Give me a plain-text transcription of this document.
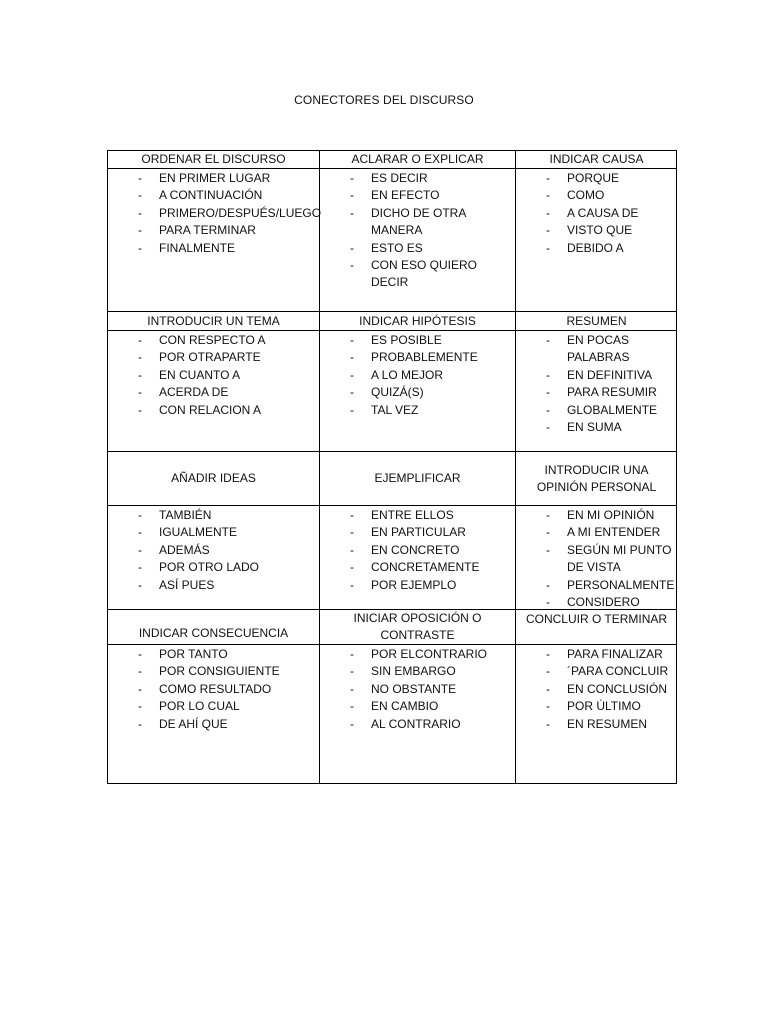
CONECTORES DEL DISCURSO
ORDENAR EL DISCURSO
- EN PRIMER LUGAR
- A CONTINUACIÓN
- PRIMERO/DESPUÉS/LUEGO
- PARA TERMINAR
- FINALMENTE
ACLARAR O EXPLICAR
- ES DECIR
- EN EFECTO
- DICHO DE OTRA MANERA
- ESTO ES
- CON ESO QUIERO DECIR
INDICAR CAUSA
- PORQUE
- COMO
- A CAUSA DE
- VISTO QUE
- DEBIDO A
INTRODUCIR UN TEMA
- CON RESPECTO A
- POR OTRAPARTE
- EN CUANTO A
- ACERDA DE
- CON RELACION A
INDICAR HIPÓTESIS
- ES POSIBLE
- PROBABLEMENTE
- A LO MEJOR
- QUIZÁ(S)
- TAL VEZ
RESUMEN
- EN POCAS PALABRAS
- EN DEFINITIVA
- PARA RESUMIR
- GLOBALMENTE
- EN SUMA
AÑADIR IDEAS
- TAMBIÉN
- IGUALMENTE
- ADEMÁS
- POR OTRO LADO
- ASÍ PUES
EJEMPLIFICAR
- ENTRE ELLOS
- EN PARTICULAR
- EN CONCRETO
- CONCRETAMENTE
- POR EJEMPLO
INTRODUCIR UNA OPINIÓN PERSONAL
- EN MI OPINIÓN
- A MI ENTENDER
- SEGÚN MI PUNTO DE VISTA
- PERSONALMENTE
- CONSIDERO
INDICAR CONSECUENCIA
- POR TANTO
- POR CONSIGUIENTE
- COMO RESULTADO
- POR LO CUAL
- DE AHÍ QUE
INICIAR OPOSICIÓN O CONTRASTE
- POR ELCONTRARIO
- SIN EMBARGO
- NO OBSTANTE
- EN CAMBIO
- AL CONTRARIO
CONCLUIR O TERMINAR
- PARA FINALIZAR
- ´PARA CONCLUIR
- EN CONCLUSIÓN
- POR ÚLTIMO
- EN RESUMEN
